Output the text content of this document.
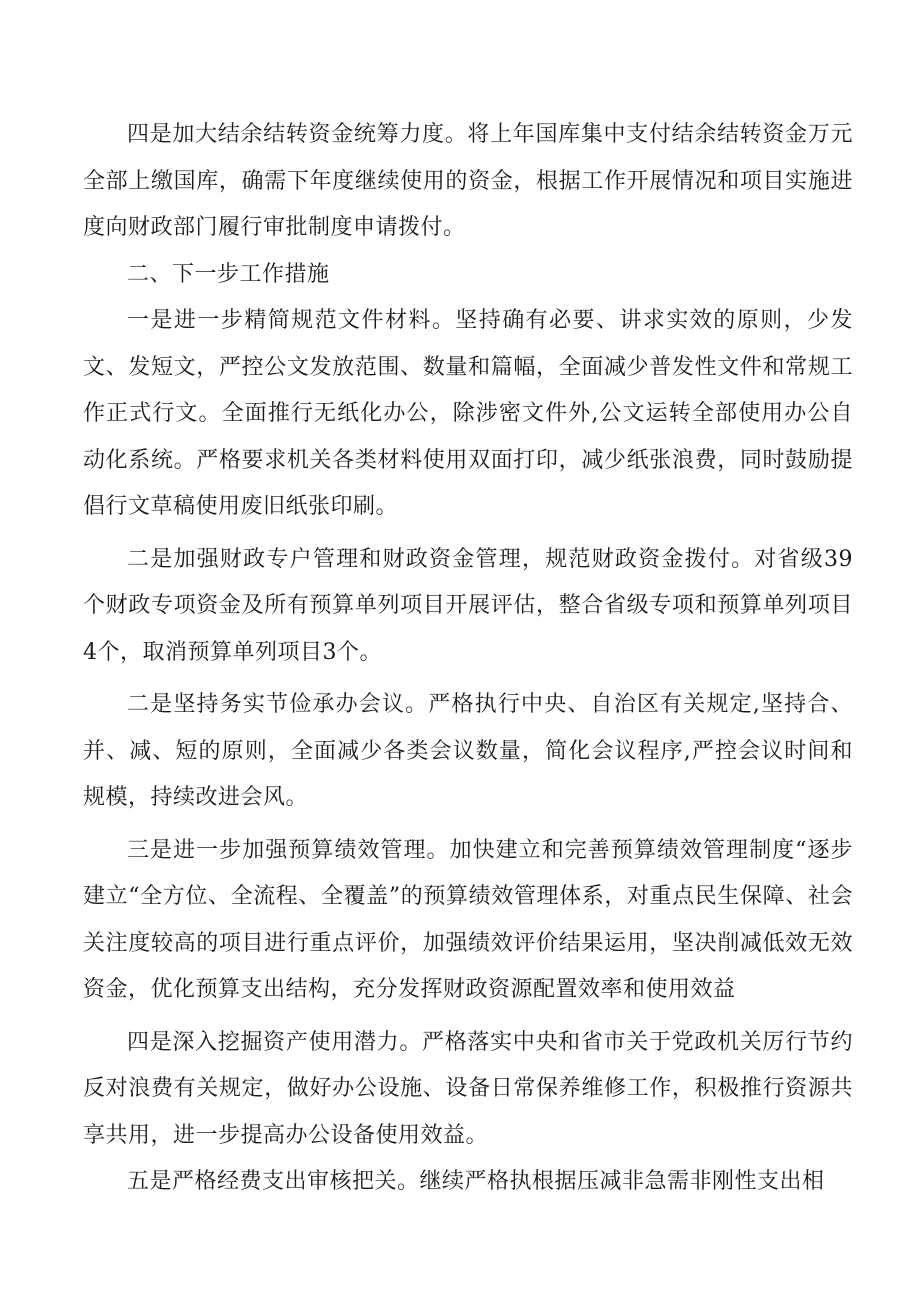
四是加大结余结转资金统筹力度。将上年国库集中支付结余结转资金万元全部上缴国库，确需下年度继续使用的资金，根据工作开展情况和项目实施进度向财政部门履行审批制度申请拨付。

二、下一步工作措施

一是进一步精简规范文件材料。坚持确有必要、讲求实效的原则，少发文、发短文，严控公文发放范围、数量和篇幅，全面减少普发性文件和常规工作正式行文。全面推行无纸化办公，除涉密文件外,公文运转全部使用办公自动化系统。严格要求机关各类材料使用双面打印，减少纸张浪费，同时鼓励提倡行文草稿使用废旧纸张印刷。

二是加强财政专户管理和财政资金管理，规范财政资金拨付。对省级39个财政专项资金及所有预算单列项目开展评估，整合省级专项和预算单列项目4个，取消预算单列项目3个。

二是坚持务实节俭承办会议。严格执行中央、自治区有关规定,坚持合、并、减、短的原则，全面减少各类会议数量，简化会议程序,严控会议时间和规模，持续改进会风。

三是进一步加强预算绩效管理。加快建立和完善预算绩效管理制度“逐步建立“全方位、全流程、全覆盖”的预算绩效管理体系，对重点民生保障、社会关注度较高的项目进行重点评价，加强绩效评价结果运用，坚决削减低效无效资金，优化预算支出结构，充分发挥财政资源配置效率和使用效益

四是深入挖掘资产使用潜力。严格落实中央和省市关于党政机关厉行节约反对浪费有关规定，做好办公设施、设备日常保养维修工作，积极推行资源共享共用，进一步提高办公设备使用效益。

五是严格经费支出审核把关。继续严格执根据压减非急需非刚性支出相
